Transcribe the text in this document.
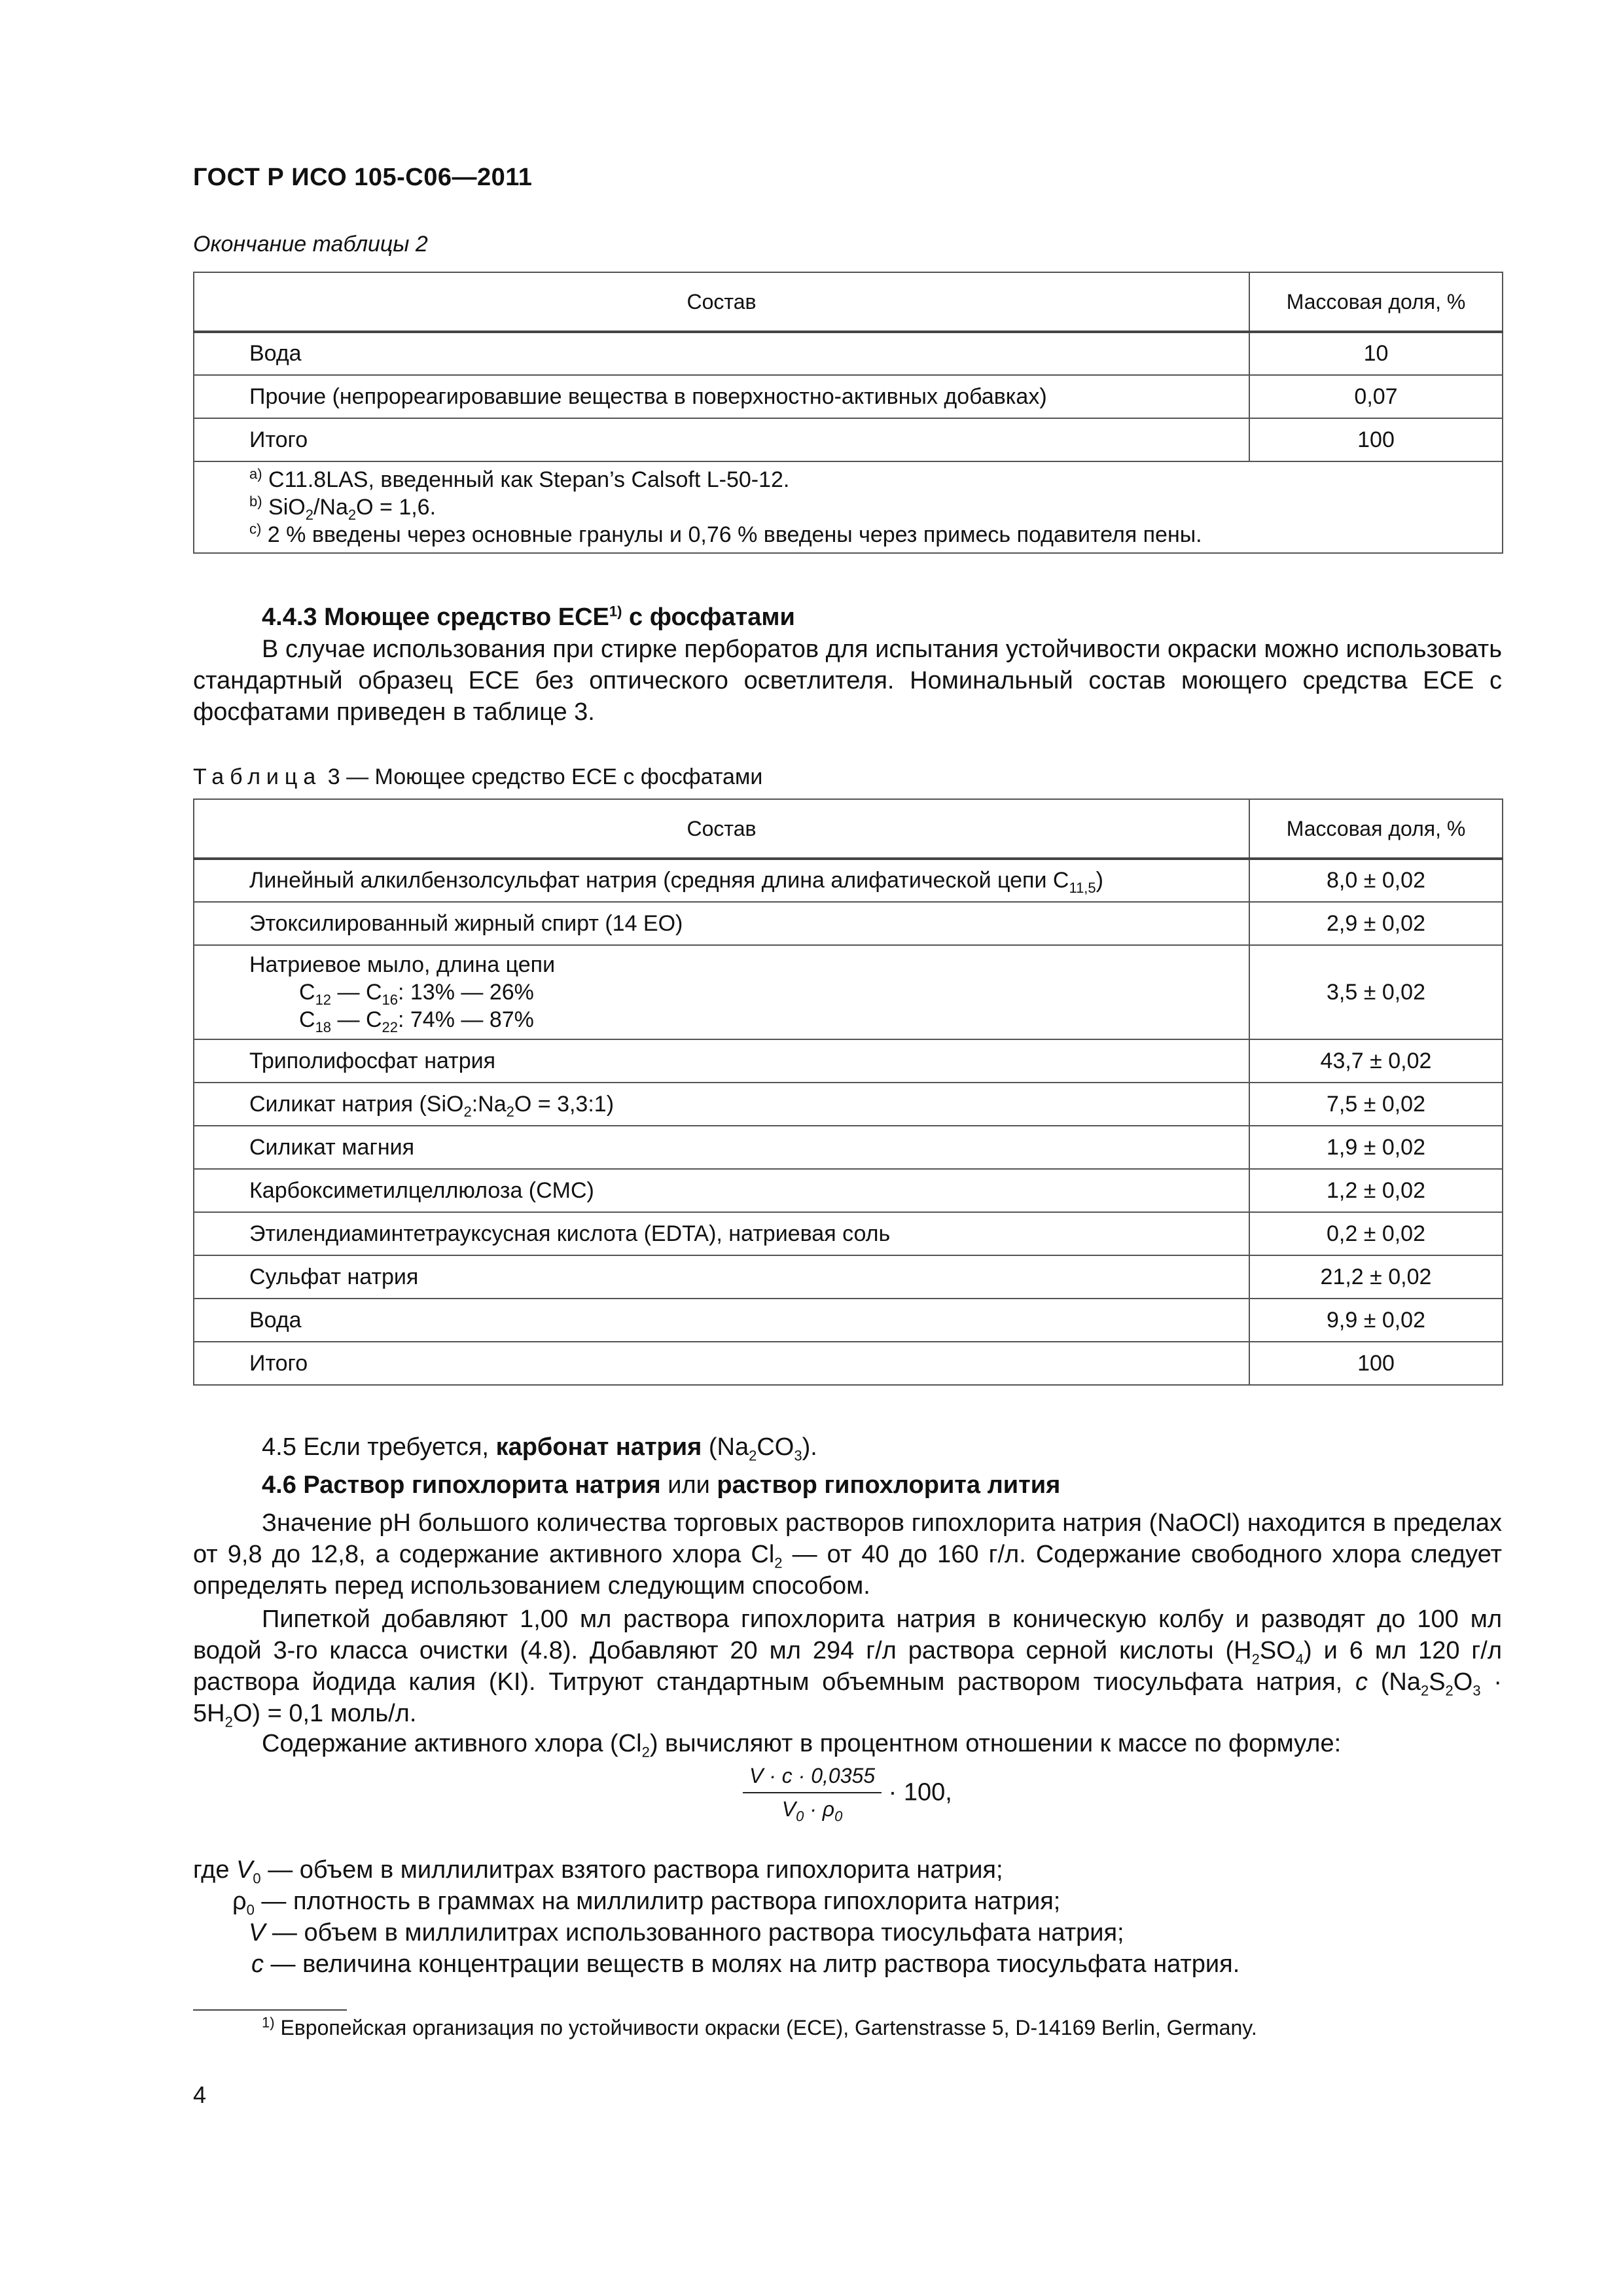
ГОСТ Р ИСО 105-С06—2011
Окончание таблицы 2
Состав	Массовая доля, %
Вода	10
Прочие (непрореагировавшие вещества в поверхностно-активных добавках)	0,07
Итого	100

$^{a)}$ C11.8LAS, введенный как Stepan’s Calsoft L-50-12.
$^{b)}$ $SiO_2/Na_2O = 1,6$.
$^{c)}$ 2 % введены через основные гранулы и 0,76 % введены через примесь подавителя пены.	
4.4.3 Моющее средство ECE$^{1)}$ с фосфатами
В случае использования при стирке перборатов для испытания устойчивости окраски можно использовать стандартный образец ECE без оптического осветлителя. Номинальный состав моющего средства ECE с фосфатами приведен в таблице 3.
Таблица 3 — Моющее средство ECE с фосфатами
Состав	Массовая доля, %
Линейный алкилбензолсульфат натрия (средняя длина алифатической цепи $C_{11,5}$)	8,0 ± 0,02
Этоксилированный жирный спирт (14 EO)	2,9 ± 0,02

Натриевое мыло, длина цепи
$C_{12}$ — $C_{16}$: 13% — 26%
$C_{18}$ — $C_{22}$: 74% — 87%	3,5 ± 0,02
Триполифосфат натрия	43,7 ± 0,02
Силикат натрия ($SiO_2:Na_2O$ = 3,3:1)	7,5 ± 0,02
Силикат магния	1,9 ± 0,02
Карбоксиметилцеллюлоза (CMC)	1,2 ± 0,02
Этилендиаминтетрауксусная кислота (EDTA), натриевая соль	0,2 ± 0,02
Сульфат натрия	21,2 ± 0,02
Вода	9,9 ± 0,02
Итого	100
4.5 Если требуется, карбонат натрия $(Na_2CO_3)$.
4.6 Раствор гипохлорита натрия или раствор гипохлорита лития
Значение pH большого количества торговых растворов гипохлорита натрия (NaOCl) находится в пределах от 9,8 до 12,8, а содержание активного хлора $Cl_2$ — от 40 до 160 г/л. Содержание свободного хлора следует определять перед использованием следующим способом.
Пипеткой добавляют 1,00 мл раствора гипохлорита натрия в коническую колбу и разводят до 100 мл водой 3-го класса очистки (4.8). Добавляют 20 мл 294 г/л раствора серной кислоты $(H_2SO_4)$ и 6 мл 120 г/л раствора йодида калия (KI). Титруют стандартным объемным раствором тиосульфата натрия, c $(Na_2S_2O_3 \cdot 5H_2O) = 0,1$ моль/л.
Содержание активного хлора $(Cl_2)$ вычисляют в процентном отношении к массе по формуле:
$\frac{V \cdot c \cdot 0,0355}{V_0 \cdot \rho_0} \cdot 100$,
где $V_0$ — объем в миллилитрах взятого раствора гипохлорита натрия;
$\rho_0$ — плотность в граммах на миллилитр раствора гипохлорита натрия;
V — объем в миллилитрах использованного раствора тиосульфата натрия;
c — величина концентрации веществ в молях на литр раствора тиосульфата натрия.
$^{1)}$ Европейская организация по устойчивости окраски (ECE), Gartenstrasse 5, D-14169 Berlin, Germany.
4
